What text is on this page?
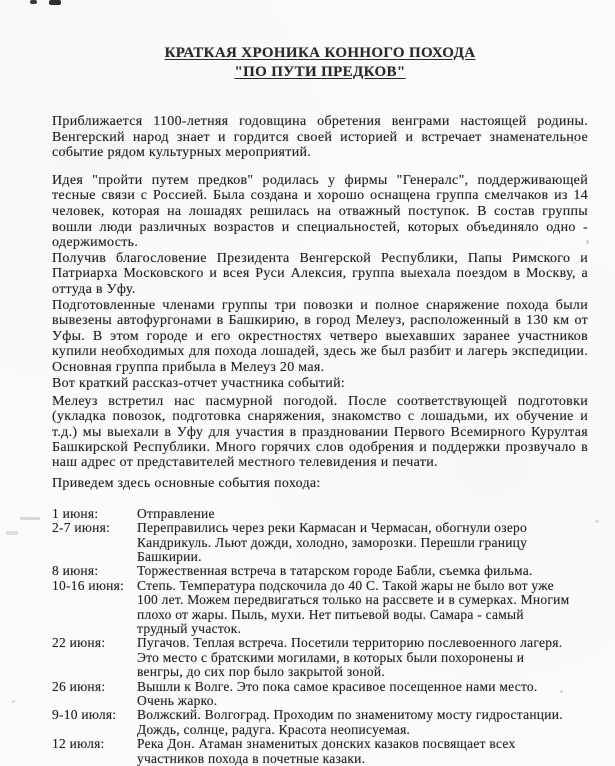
КРАТКАЯ ХРОНИКА КОННОГО ПОХОДА
"ПО ПУТИ ПРЕДКОВ"

Приближается 1100-летняя годовщина обретения венграми настоящей родины. Венгерский народ знает и гордится своей историей и встречает знаменательное событие рядом культурных мероприятий.

Идея "пройти путем предков" родилась у фирмы "Генералс", поддерживающей тесные связи с Россией. Была создана и хорошо оснащена группа смелчаков из 14 человек, которая на лошадях решилась на отважный поступок. В состав группы вошли люди различных возрастов и специальностей, которых объединяло одно - одержимость.

Получив благословение Президента Венгерской Республики, Папы Римского и Патриарха Московского и всея Руси Алексия, группа выехала поездом в Москву, а оттуда в Уфу.

Подготовленные членами группы три повозки и полное снаряжение похода были вывезены автофургонами в Башкирию, в город Мелеуз, расположенный в 130 км от Уфы. В этом городе и его окрестностях четверо выехавших заранее участников купили необходимых для похода лошадей, здесь же был разбит и лагерь экспедиции. Основная группа прибыла в Мелеуз 20 мая.

Вот краткий рассказ-отчет участника событий:

Мелеуз встретил нас пасмурной погодой. После соответствующей подготовки (укладка повозок, подготовка снаряжения, знакомство с лошадьми, их обучение и т.д.) мы выехали в Уфу для участия в праздновании Первого Всемирного Курултая Башкирской Республики. Много горячих слов одобрения и поддержки прозвучало в наш адрес от представителей местного телевидения и печати.

Приведем здесь основные события похода:

1 июня:	Отправление
2-7 июня:	Переправились через реки Кармасан и Чермасан, обогнули озеро Кандрикуль. Льют дожди, холодно, заморозки. Перешли границу Башкирии.
8 июня:	Торжественная встреча в татарском городе Бабли, съемка фильма.
10-16 июня: Степь. Температура подскочила до 40 С. Такой жары не было вот уже 100 лет. Можем передвигаться только на рассвете и в сумерках. Многим плохо от жары. Пыль, мухи. Нет питьевой воды. Самара - самый трудный участок.
22 июня:	Пугачов. Теплая встреча. Посетили территорию послевоенного лагеря. Это место с братскими могилами, в которых были похоронены и венгры, до сих пор было закрытой зоной.
26 июня:	Вышли к Волге. Это пока самое красивое посещенное нами место. Очень жарко.
9-10 июля:	Волжский. Волгоград. Проходим по знаменитому мосту гидростанции. Дождь, солнце, радуга. Красота неописуемая.
12 июля:	Река Дон. Атаман знаменитых донских казаков посвящает всех участников похода в почетные казаки.
